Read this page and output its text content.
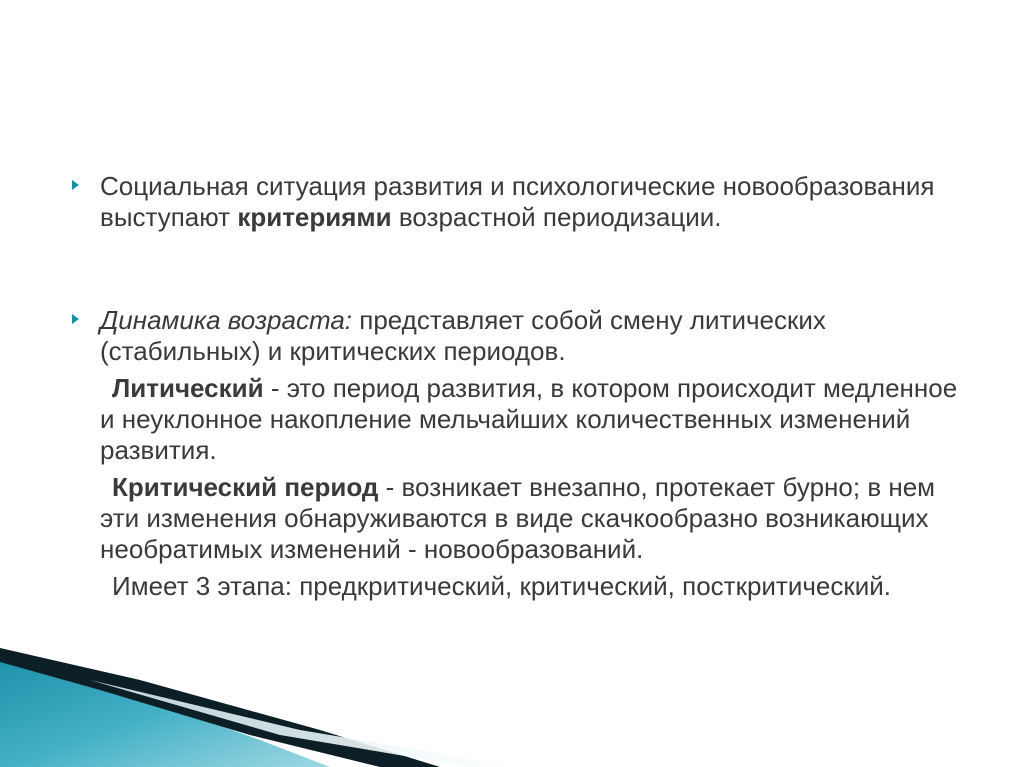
Социальная ситуация развития и психологические новообразования выступают критериями возрастной периодизации.

Динамика возраста: представляет собой смену литических (стабильных) и критических периодов.

Литический - это период развития, в котором происходит медленное и неуклонное накопление мельчайших количественных изменений развития.

Критический период - возникает внезапно, протекает бурно; в нем эти изменения обнаруживаются в виде скачкообразно возникающих необратимых изменений - новообразований.

Имеет 3 этапа: предкритический, критический, посткритический.
